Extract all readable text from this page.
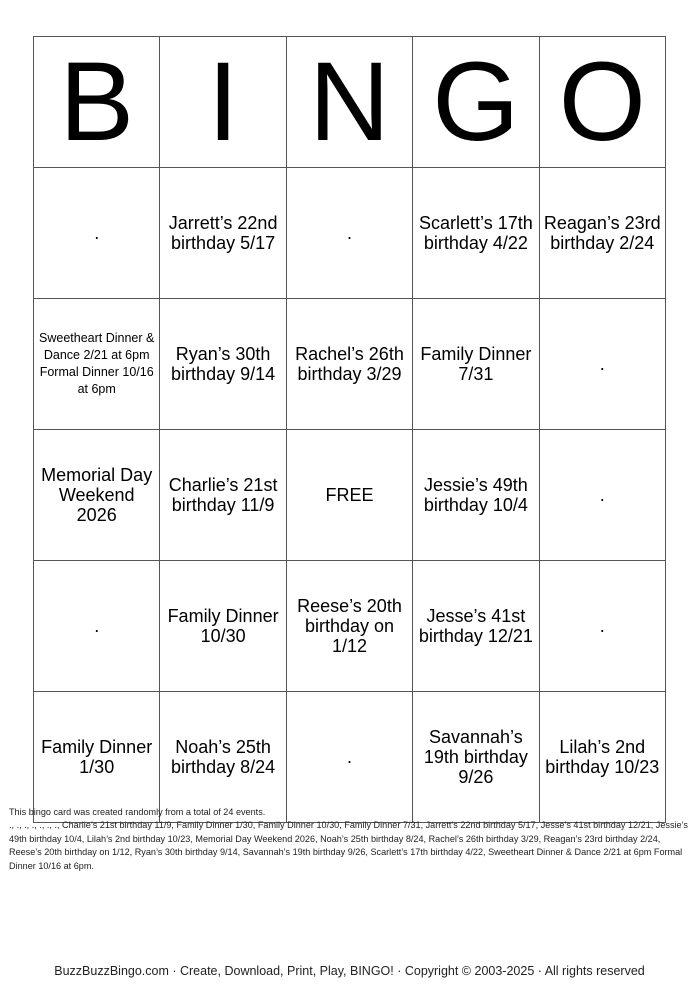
B	I	N	G	O
.	Jarrett’s 22nd birthday 5/17	.	Scarlett’s 17th birthday 4/22	Reagan’s 23rd birthday 2/24
Sweetheart Dinner & Dance 2/21 at 6pm Formal Dinner 10/16 at 6pm	Ryan’s 30th birthday 9/14	Rachel’s 26th birthday 3/29	Family Dinner 7/31	.
Memorial Day Weekend 2026	Charlie’s 21st birthday 11/9	FREE	Jessie’s 49th birthday 10/4	.
.	Family Dinner 10/30	Reese’s 20th birthday on 1/12	Jesse’s 41st birthday 12/21	.
Family Dinner 1/30	Noah’s 25th birthday 8/24	.	Savannah’s 19th birthday 9/26	Lilah’s 2nd birthday 10/23

This bingo card was created randomly from a total of 24 events.

., ., ., ., ., ., ., Charlie’s 21st birthday 11/9, Family Dinner 1/30, Family Dinner 10/30, Family Dinner 7/31, Jarrett’s 22nd birthday 5/17, Jesse’s 41st birthday 12/21, Jessie’s 49th birthday 10/4, Lilah’s 2nd birthday 10/23, Memorial Day Weekend 2026, Noah’s 25th birthday 8/24, Rachel’s 26th birthday 3/29, Reagan’s 23rd birthday 2/24, Reese’s 20th birthday on 1/12, Ryan’s 30th birthday 9/14, Savannah’s 19th birthday 9/26, Scarlett’s 17th birthday 4/22, Sweetheart Dinner & Dance 2/21 at 6pm Formal Dinner 10/16 at 6pm.

BuzzBuzzBingo.com · Create, Download, Print, Play, BINGO! · Copyright © 2003-2025 · All rights reserved
